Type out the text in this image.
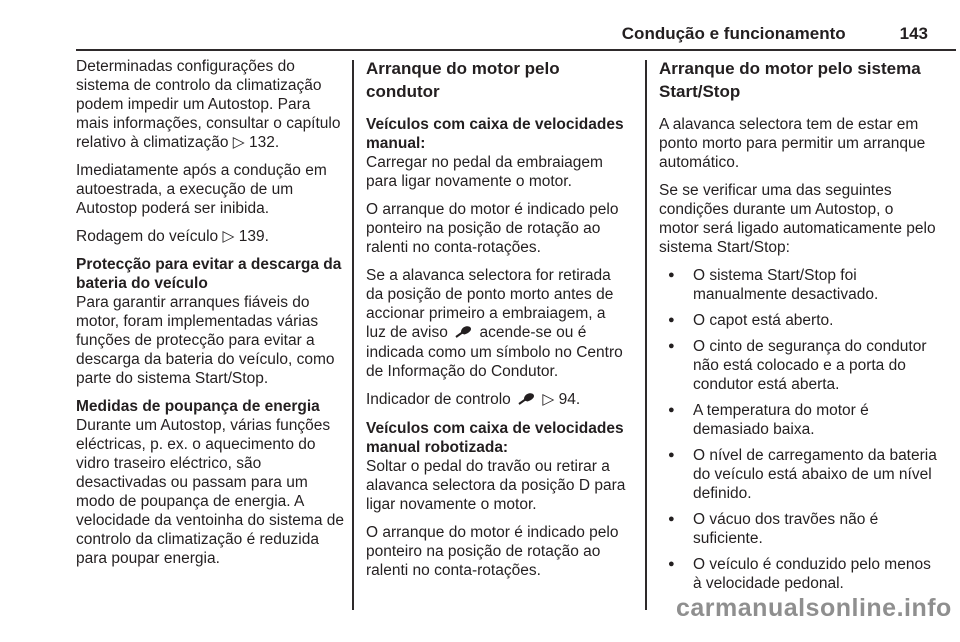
Condução e funcionamento	143

Determinadas configurações do sistema de controlo da climatização podem impedir um Autostop. Para mais informações, consultar o capítulo relativo à climatização ▷ 132.

Imediatamente após a condução em autoestrada, a execução de um Autostop poderá ser inibida.

Rodagem do veículo ▷ 139.

Protecção para evitar a descarga da bateria do veículo

Para garantir arranques fiáveis do motor, foram implementadas várias funções de protecção para evitar a descarga da bateria do veículo, como parte do sistema Start/Stop.

Medidas de poupança de energia

Durante um Autostop, várias funções eléctricas, p. ex. o aquecimento do vidro traseiro eléctrico, são desactivadas ou passam para um modo de poupança de energia. A velocidade da ventoinha do sistema de controlo da climatização é reduzida para poupar energia.

Arranque do motor pelo condutor

Veículos com caixa de velocidades manual:

Carregar no pedal da embraiagem para ligar novamente o motor.

O arranque do motor é indicado pelo ponteiro na posição de rotação ao ralenti no conta-rotações.

Se a alavanca selectora for retirada da posição de ponto morto antes de accionar primeiro a embraiagem, a luz de aviso acende-se ou é indicada como um símbolo no Centro de Informação do Condutor.

Indicador de controlo ▷ 94.

Veículos com caixa de velocidades manual robotizada:

Soltar o pedal do travão ou retirar a alavanca selectora da posição D para ligar novamente o motor.

O arranque do motor é indicado pelo ponteiro na posição de rotação ao ralenti no conta-rotações.

Arranque do motor pelo sistema Start/Stop

A alavanca selectora tem de estar em ponto morto para permitir um arranque automático.

Se se verificar uma das seguintes condições durante um Autostop, o motor será ligado automaticamente pelo sistema Start/Stop:

●	O sistema Start/Stop foi manualmente desactivado.
●	O capot está aberto.
●	O cinto de segurança do condutor não está colocado e a porta do condutor está aberta.
●	A temperatura do motor é demasiado baixa.
●	O nível de carregamento da bateria do veículo está abaixo de um nível definido.
●	O vácuo dos travões não é suficiente.
●	O veículo é conduzido pelo menos à velocidade pedonal.
carmanualsonline.info
